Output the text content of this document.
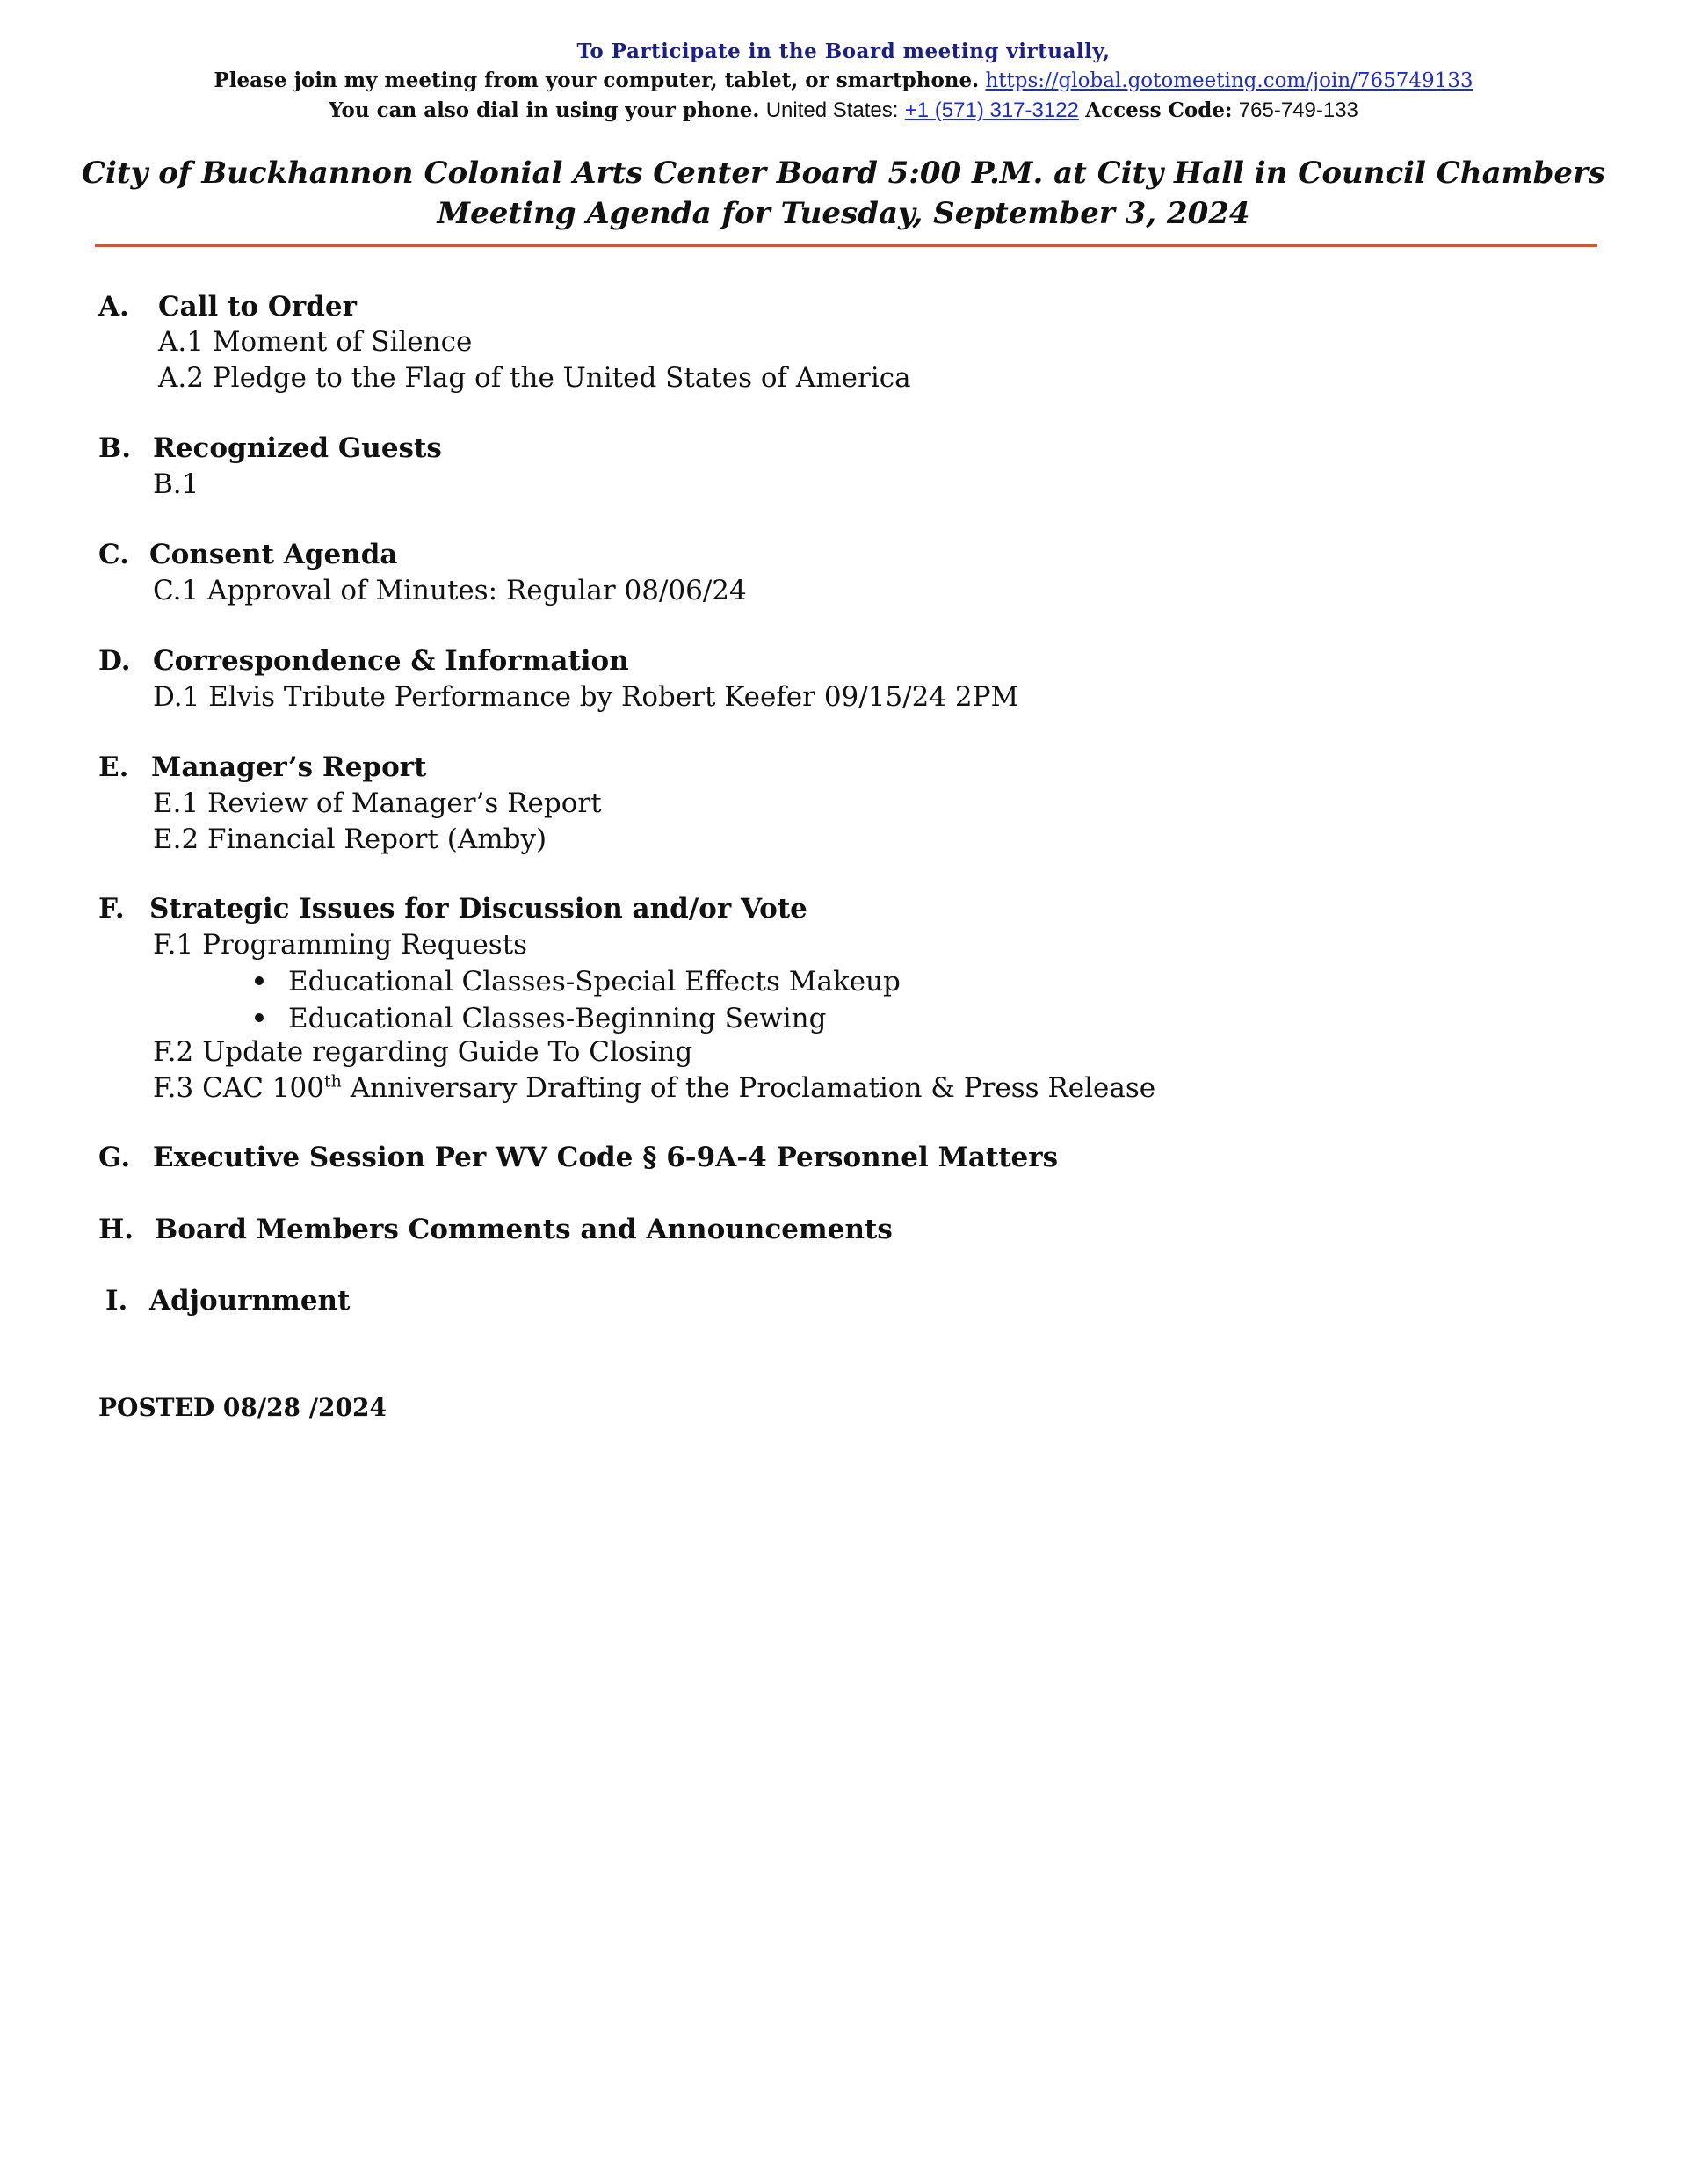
To Participate in the Board meeting virtually,
Please join my meeting from your computer, tablet, or smartphone. https://global.gotomeeting.com/join/765749133
You can also dial in using your phone. United States: +1 (571) 317-3122 Access Code: 765-749-133
City of Buckhannon Colonial Arts Center Board 5:00 P.M. at City Hall in Council Chambers
Meeting Agenda for Tuesday, September 3, 2024
A. Call to Order
A.1 Moment of Silence
A.2 Pledge to the Flag of the United States of America
B. Recognized Guests
B.1
C. Consent Agenda
C.1 Approval of Minutes: Regular 08/06/24
D. Correspondence & Information
D.1 Elvis Tribute Performance by Robert Keefer 09/15/24 2PM
E. Manager’s Report
E.1 Review of Manager’s Report
E.2 Financial Report (Amby)
F. Strategic Issues for Discussion and/or Vote
F.1 Programming Requests
Educational Classes-Special Effects Makeup
Educational Classes-Beginning Sewing
F.2 Update regarding Guide To Closing
F.3 CAC 100th Anniversary Drafting of the Proclamation & Press Release
G. Executive Session Per WV Code § 6-9A-4 Personnel Matters
H. Board Members Comments and Announcements
I. Adjournment
POSTED 08/28 /2024
